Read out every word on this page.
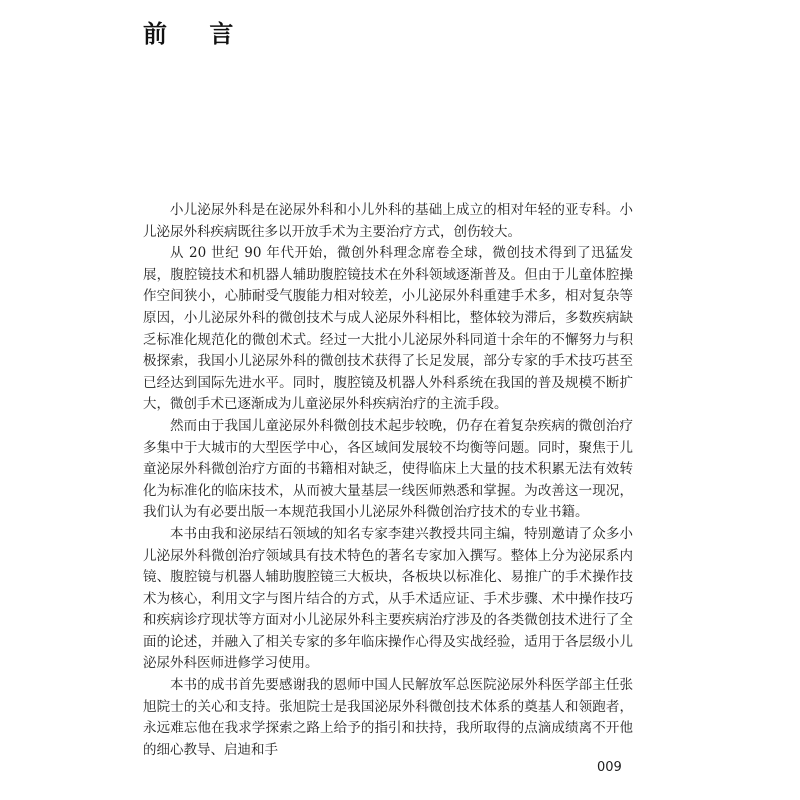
前 言

小儿泌尿外科是在泌尿外科和小儿外科的基础上成立的相对年轻的亚专科。小儿泌尿外科疾病既往多以开放手术为主要治疗方式，创伤较大。

从 20 世纪 90 年代开始，微创外科理念席卷全球，微创技术得到了迅猛发展，腹腔镜技术和机器人辅助腹腔镜技术在外科领域逐渐普及。但由于儿童体腔操作空间狭小，心肺耐受气腹能力相对较差，小儿泌尿外科重建手术多，相对复杂等原因，小儿泌尿外科的微创技术与成人泌尿外科相比，整体较为滞后，多数疾病缺乏标准化规范化的微创术式。经过一大批小儿泌尿外科同道十余年的不懈努力与积极探索，我国小儿泌尿外科的微创技术获得了长足发展，部分专家的手术技巧甚至已经达到国际先进水平。同时，腹腔镜及机器人外科系统在我国的普及规模不断扩大，微创手术已逐渐成为儿童泌尿外科疾病治疗的主流手段。

然而由于我国儿童泌尿外科微创技术起步较晚，仍存在着复杂疾病的微创治疗多集中于大城市的大型医学中心，各区域间发展较不均衡等问题。同时，聚焦于儿童泌尿外科微创治疗方面的书籍相对缺乏，使得临床上大量的技术积累无法有效转化为标准化的临床技术，从而被大量基层一线医师熟悉和掌握。为改善这一现况，我们认为有必要出版一本规范我国小儿泌尿外科微创治疗技术的专业书籍。

本书由我和泌尿结石领域的知名专家李建兴教授共同主编，特别邀请了众多小儿泌尿外科微创治疗领域具有技术特色的著名专家加入撰写。整体上分为泌尿系内镜、腹腔镜与机器人辅助腹腔镜三大板块，各板块以标准化、易推广的手术操作技术为核心，利用文字与图片结合的方式，从手术适应证、手术步骤、术中操作技巧和疾病诊疗现状等方面对小儿泌尿外科主要疾病治疗涉及的各类微创技术进行了全面的论述，并融入了相关专家的多年临床操作心得及实战经验，适用于各层级小儿泌尿外科医师进修学习使用。

本书的成书首先要感谢我的恩师中国人民解放军总医院泌尿外科医学部主任张旭院士的关心和支持。张旭院士是我国泌尿外科微创技术体系的奠基人和领跑者，永远难忘他在我求学探索之路上给予的指引和扶持，我所取得的点滴成绩离不开他的细心教导、启迪和手

009
